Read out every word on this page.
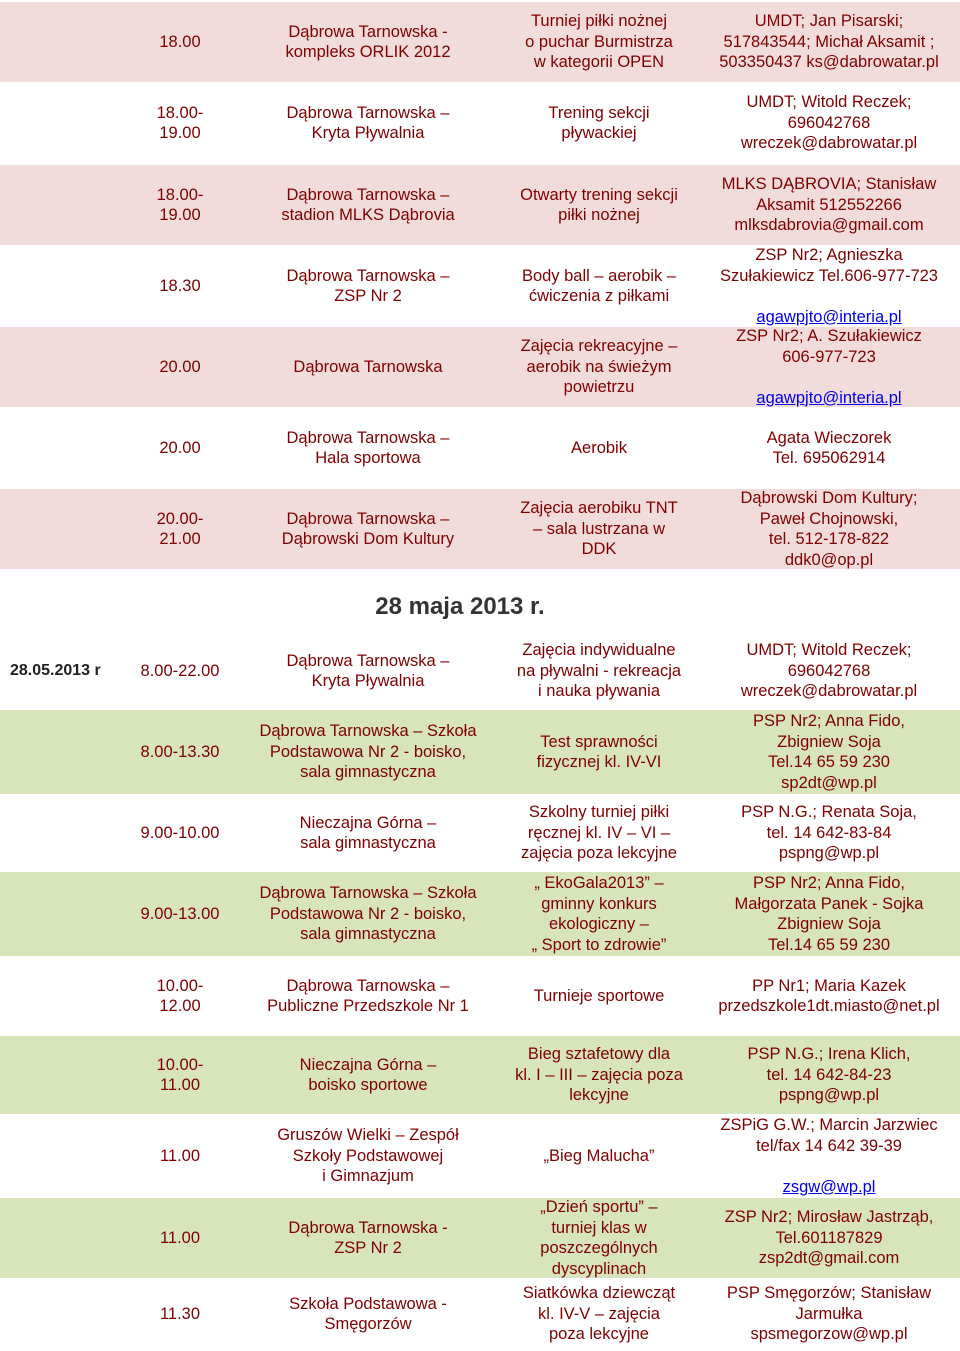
18.00
Dąbrowa Tarnowska -
kompleks ORLIK 2012
Turniej piłki nożnej
o puchar Burmistrza
w kategorii OPEN
UMDT; Jan Pisarski;
517843544; Michał Aksamit ;
503350437 ks@dabrowatar.pl
18.00-
19.00
Dąbrowa Tarnowska –
Kryta Pływalnia
Trening sekcji
pływackiej
UMDT; Witold Reczek;
696042768
wreczek@dabrowatar.pl
18.00-
19.00
Dąbrowa Tarnowska –
stadion MLKS Dąbrovia
Otwarty trening sekcji
piłki nożnej
MLKS DĄBROVIA; Stanisław
Aksamit 512552266
mlksdabrovia@gmail.com
18.30
Dąbrowa Tarnowska –
ZSP Nr 2
Body ball – aerobik –
ćwiczenia z piłkami

ZSP Nr2; Agnieszka
Szułakiewicz Tel.606-977-723

agawpjto@interia.pl

20.00	Dąbrowa Tarnowska
Zajęcia rekreacyjne –
aerobik na świeżym
powietrzu

ZSP Nr2; A. Szułakiewicz
606-977-723

agawpjto@interia.pl

20.00
Dąbrowa Tarnowska –
Hala sportowa
Aerobik
Agata Wieczorek
Tel. 695062914
20.00-
21.00
Dąbrowa Tarnowska –
Dąbrowski Dom Kultury
Zajęcia aerobiku TNT
– sala lustrzana w
DDK
Dąbrowski Dom Kultury;
Paweł Chojnowski,
tel. 512-178-822
ddk0@op.pl
28 maja 2013 r.
28.05.2013 r	8.00-22.00
Dąbrowa Tarnowska –
Kryta Pływalnia
Zajęcia indywidualne
na pływalni - rekreacja
i nauka pływania
UMDT; Witold Reczek;
696042768
wreczek@dabrowatar.pl
8.00-13.30
Dąbrowa Tarnowska – Szkoła
Podstawowa Nr 2 - boisko,
sala gimnastyczna
Test sprawności
fizycznej kl. IV-VI
PSP Nr2; Anna Fido,
Zbigniew Soja
Tel.14 65 59 230
sp2dt@wp.pl
9.00-10.00
Nieczajna Górna –
sala gimnastyczna
Szkolny turniej piłki
ręcznej kl. IV – VI –
zajęcia poza lekcyjne
PSP N.G.; Renata Soja,
tel. 14 642-83-84
pspng@wp.pl
9.00-13.00
Dąbrowa Tarnowska – Szkoła
Podstawowa Nr 2 - boisko,
sala gimnastyczna
„ EkoGala2013” –
gminny konkurs
ekologiczny –
„ Sport to zdrowie”
PSP Nr2; Anna Fido,
Małgorzata Panek - Sojka
Zbigniew Soja
Tel.14 65 59 230
10.00-
12.00
Dąbrowa Tarnowska –
Publiczne Przedszkole Nr 1
Turnieje sportowe
PP Nr1; Maria Kazek
przedszkole1dt.miasto@net.pl
10.00-
11.00
Nieczajna Górna –
boisko sportowe
Bieg sztafetowy dla
kl. I – III – zajęcia poza
lekcyjne
PSP N.G.; Irena Klich,
tel. 14 642-84-23
pspng@wp.pl
11.00
Gruszów Wielki – Zespół
Szkoły Podstawowej
i Gimnazjum
„Bieg Malucha”

ZSPiG G.W.; Marcin Jarzwiec
tel/fax 14 642 39-39

zsgw@wp.pl

11.00
Dąbrowa Tarnowska -
ZSP Nr 2
„Dzień sportu” –
turniej klas w
poszczególnych
dyscyplinach
ZSP Nr2; Mirosław Jastrząb,
Tel.601187829
zsp2dt@gmail.com
11.30
Szkoła Podstawowa -
Smęgorzów
Siatkówka dziewcząt
kl. IV-V – zajęcia
poza lekcyjne
PSP Smęgorzów; Stanisław
Jarmułka
spsmegorzow@wp.pl
